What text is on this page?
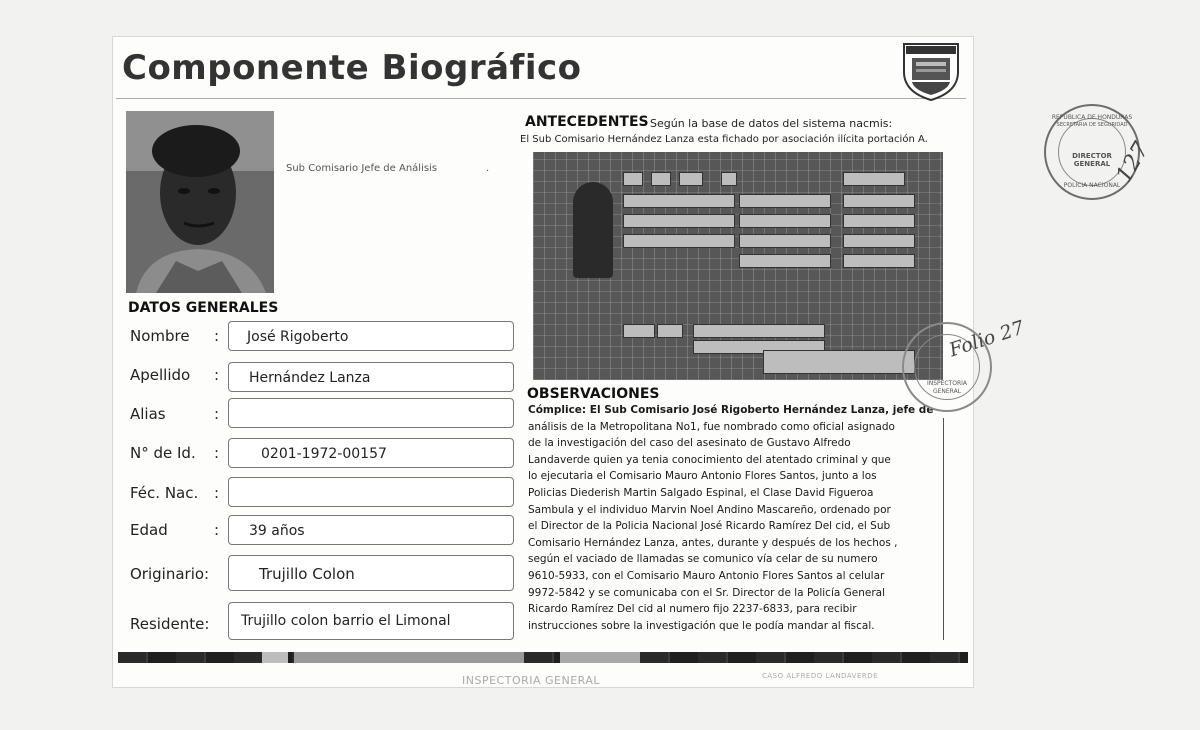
Componente Biográfico
Sub Comisario Jefe de Análisis	·
DATOS GENERALES
Nombre :	José Rigoberto
Apellido :	Hernández Lanza
Alias	:
N° de Id. :	0201-1972-00157
Féc. Nac. :
Edad	:	39 años
Originario:	Trujillo Colon
Residente:	Trujillo colon barrio el Limonal
ANTECEDENTES Según la base de datos del sistema nacmis:
El Sub Comisario Hernández Lanza esta fichado por asociación ilícita portación A.
OBSERVACIONES
Cómplice: El Sub Comisario José Rigoberto Hernández Lanza, jefe de
análisis de la Metropolitana No1, fue nombrado como oficial asignado
de la investigación del caso del asesinato de Gustavo Alfredo
Landaverde quien ya tenia conocimiento del atentado criminal y que
lo ejecutaria el Comisario Mauro Antonio Flores Santos, junto a los
Policias Diederish Martin Salgado Espinal, el Clase David Figueroa
Sambula y el individuo Marvin Noel Andino Mascareño, ordenado por
el Director de la Policia Nacional José Ricardo Ramírez Del cid, el Sub
Comisario Hernández Lanza, antes, durante y después de los hechos ,
según el vaciado de llamadas se comunico vía celar de su numero
9610-5933, con el Comisario Mauro Antonio Flores Santos al celular
9972-5842 y se comunicaba con el Sr. Director de la Policía General
Ricardo Ramírez Del cid al numero fijo 2237-6833, para recibir
instrucciones sobre la investigación que le podía mandar al fiscal.
INSPECTORIA GENERAL	CASO ALFREDO LANDAVERDE
REPUBLICA DE HONDURAS
SECRETARIA DE SEGURIDAD
DIRECTOR GENERAL
POLICIA NACIONAL
127
INSPECTORIA
GENERAL
Folio 27
